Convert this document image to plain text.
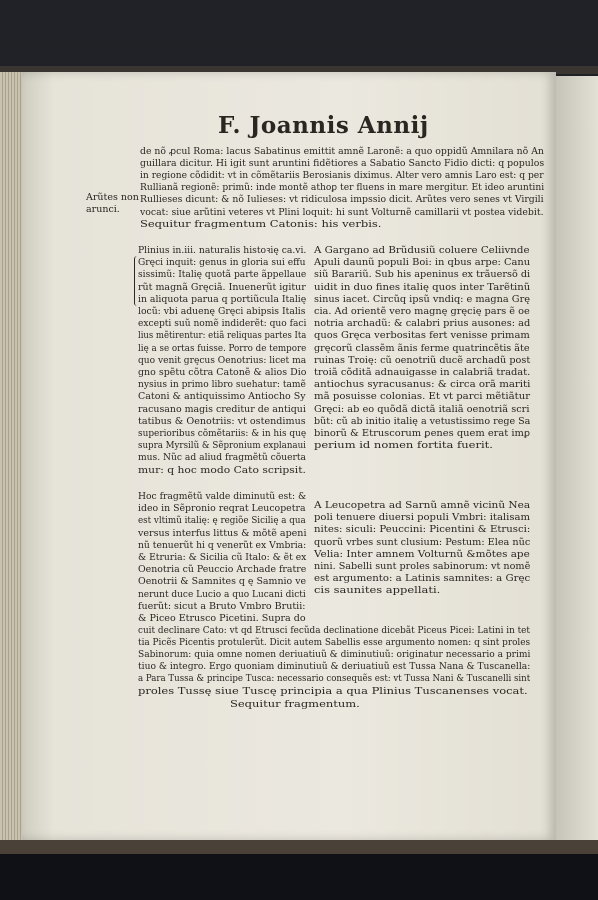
F. Joannis Annij
Arũtes non
arunci.
de nõ ꝓcul Roma: lacus Sabatinus emittit amnẽ Laronẽ: a quo oppidũ Amnilara nõ An
guillara dicitur. Hi igit sunt aruntini fidẽtiores a Sabatio Sancto Fidio dicti: q populos
in regione cõdidit: vt in cõmẽtariis Berosianis diximus. Alter vero amnis Laro est: q per
Rullianã regionẽ: primũ: inde montẽ athoꝑ ter fluens in mare mergitur. Et ideo aruntini
Rullieses dicunt: & nõ Iulieses: vt ridiculosa impssio dicit. Arũtes vero senes vt Virgili
vocat: siue arũtini veteres vt Plini loquit: hi sunt Volturnẽ camillarii vt postea videbit.
Sequitur fragmentum Catonis: his verbis.
Plinius in.iii. naturalis histoꝛię ca.vi.
Gręci inquit: genus in gloria sui effu
sissimũ: Italię quotã parte ãppellaue
rũt magnã Gręciã. Inuenerũt igitur
in aliquota parua q portiũcula Italię
locũ: vbi aduenę Gręci abipsis Italis
excepti suũ nomẽ indiderẽt: quo faci
lius mẽtirentur: etiã reliquas partes Ita
lię a se ortas fuisse. Porro de tempore
quo venit gręcus Oenotrius: licet ma
gno spẽtu cõtra Catonẽ & alios Dio
nysius in primo libro suehatur: tamẽ
Catoni & antiquissimo Antiocho Sy
racusano magis creditur de antiqui
tatibus & Oenotriis: vt ostendimus
superioribus cõmẽtariis: & in his quę
supra Myrsilũ & Sẽpronium explanaui
mus. Nũc ad aliud fragmẽtũ cõuerta
mur: q hoc modo Cato scripsit.
Hoc fragmẽtũ valde diminutũ est: &
ideo in Sẽpronio reqrat Leucopetra
est vltimũ italię: ę regiõe Sicilię a qua
versus interfus littus & mõtẽ apeni
nũ tenuerũt hi q venerũt ex Vmbria:
& Etruria: & Sicilia cũ Italo: & ẽt ex
Oenotria cũ Peuccio Archade fratre
Oenotrii & Samnites q ę Samnio ve
nerunt duce Lucio a quo Lucani dicti
fuerũt: sicut a Bruto Vmbro Brutii:
& Piceo Etrusco Picetini. Supra do
A Gargano ad Brũdusiũ coluere Celiivnde
Apuli daunũ populi Boi: in qbus arpe: Canu
siũ Barariũ. Sub his apeninus ex trãuersõ di
uidit in duo fines italię quos inter Tarẽtinũ
sinus iacet. Circũq ipsũ vndiq: e magna Grę
cia. Ad orientẽ vero magnę gręcię pars ẽ oe
notria archadũ: & calabri prius ausones: ad
quos Gręca verbositas fert venisse primam
gręcorũ classẽm ãnis ferme quatrincẽtis ãte
ruinas Troię: cũ oenotriũ ducẽ archadũ post
troiã cõditã adnauigasse in calabriã tradat.
antiochus syracusanus: & circa orã mariti
mã posuisse colonias. Et vt parci mẽtiãtur
Gręci: ab eo quõdã dictã italiã oenotriã scri
bũt: cũ ab initio italię a vetustissimo rege Sa
binorũ & Etruscorum ꝑenes quem erat imꝑ
perium id nomen fortita fuerit.
A Leucopetra ad Sarnũ amnẽ vicinũ Nea
poli tenuere diuersi populi Vmbri: italisam
nites: siculi: Peuccini: Picentini & Etrusci:
quorũ vrbes sunt clusium: Pestum: Elea nũc
Velia: Inter amnem Volturnũ &mõtes ape
nini. Sabelli sunt proles sabinorum: vt nomẽ
est argumento: a Latinis samnites: a Gręc
cis saunites appellati.
cuit declinare Cato: vt qd Etrusci fecũda declinatione dicebãt Piceus Picei: Latini in tet
tia Picẽs Picentis protulerũt. Dicit autem Sabellis esse argumento nomen: q sint proles
Sabinorum: quia omne nomen deriuatiuũ & diminutiuũ: originatur necessario a primi
tiuo & integro. Ergo quoniam diminutiuũ & deriuatiuũ est Tussa Nana & Tuscanella:
a Para Tussa & principe Tusca: necessario consequẽs est: vt Tussa Nani & Tuscanelli sint
proles Tussę siue Tuscę principia a qua Plinius Tuscanenses vocat.
Sequitur fragmentum.
